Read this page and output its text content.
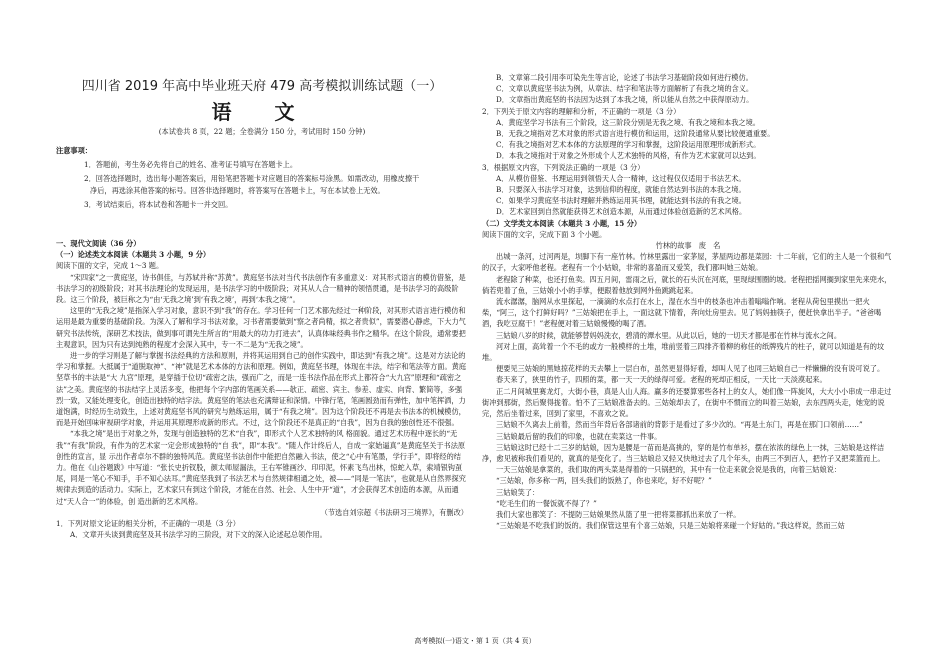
四川省 2019 年高中毕业班天府 479 高考模拟训练试题（一）
语 文
(本试卷共 8 页，22 题；全卷满分 150 分，考试用时 150 分钟)

注意事项：

1．答题前，考生务必先将自己的姓名、准考证号填写在答题卡上。

2．回答选择题时，选出每小题答案后，用铅笔把答题卡对应题目的答案标号涂黑。如需改动，用橡皮擦干

净后，再选涂其他答案的标号。回答非选择题时，将答案写在答题卡上，写在本试卷上无效。

3．考试结束后，将本试卷和答题卡一并交回。

一、现代文阅读（36 分）

（一）论述类文本阅读（本题共 3 小题，9 分）

阅读下面的文字，完成 1～3 题。

“宋四家”之一黄庭坚，诗书俱佳，与苏轼并称“苏黄”。黄庭坚书法对当代书法创作有多重意义：对其形式语言的模仿借鉴，是书法学习的初级阶段；对其书法理论的发现运用，是书法学习的中级阶段；对其从人合一精神的领悟贯通，是书法学习的高级阶段。这三个阶段，被巨称之为“由‘无我之境’到‘有我之境’，再到‘本我之境’”。

这里的“无我之境”是指深入学习对象，意识不到“我”的存在。学习任何一门艺术都先经过一种阶段，对其形式语言进行模仿和运用是最为重要的基础阶段。为深入了解和学习书法对象，习书者需要做到“察之者尚精，拟之者贵似”，需要潜心静虑，下大力气研究书法传统，深研艺术技法，做到事可谓先生所言的“用最大的功力打进去”，认真体味经典书作之精华。在这个阶段，通常要把主观意识，因为只有达到纯熟的程度才会深入其中，专一不二是为“无我之境”。

进一步的学习则是了解与掌握书法经典的方法和原则，并将其运用到自己的创作实践中，即达到“有我之境”。这是对方法论的学习和掌握。大抵属于“道脱取神”、“神”就是艺术本体的方法和原理。例如，黄庭坚书理，体现在丰法，结字和笔法等方面。黄庭坚草书的丰法是“大 九宫”原理，是穿插于位切“疏密之法，强而广之，而是一连书法作品在形式上都符合“大九宫”原理和“疏密之法”之美。黄庭坚的书法结字上灵活多变，他把每个字内部的笔画关系——欹正、疏密、宾主、参差、虚实、向背、繁简等，多强烈一致，又能处理变化，创造出独特的结字法。黄庭坚的笔法也充满辩证和深情。中锋行笔，笔画圆劲而有弹性，加中笔挥洒，力道饱满，时经历生动致生，上述对黄庭坚书风的研究与熟练运用，属于“有我之境”。因为这个阶段还不再是去书法本的机械模仿，而是开始回味审视研学对象，并运用其原理形成新的形式。不过，这个阶段还不是真正的“自我”，因为自我的独创性还不很强。

“本我之境”是出于对象之外，发现与创造独特的艺术“自我”，即形式个人艺术独特的风 格面貌。通过艺术历程中逐长的“无我”“有我”阶段，有作为的艺术家一定会形成独特的“自 我”，即“本我”。“随人作计终后人，自成一家始逼真”是黄庭坚关于书法原创性的宣言，显 示出作者卓尔不群的独特风范。黄庭坚书法创作中能把自然融入书法，使之“心中有笔墨，学行手”，即将经的结力。他在《山谷题跋》中写道：“张长史折钗股，颜太师屋漏法，王右军锥画沙、印印泥，怀素飞鸟出林，惊蛇入草，索靖银钩虿尾，同是一笔心不知手，手不知心法耳。”黄庭坚我到了书法艺术与自然规律相通之处，被——“同是一笔法”，也就是从自然界探究规律去到造的活动力。实际上，艺术家只有到这个阶段，才能在自然、社会、人生中开“道”，才会获得艺术创造的本源，从而通过“天人合一”的体验，创 造出新的艺术风格。

（节选自刘宗超《书法研习三境界》，有删改）

1．下列对原文论证的相关分析，不正确的一项是（3 分）

A．文章开头谈到黄庭坚及其书法学习的三阶段，对下文的深入论述起总领作用。

B．文章第二段引用李可染先生等言论，论述了书法学习基础阶段如何进行模仿。

C．文章以黄庭坚书法为例，从章法、结字和笔法等方面解析了有我之境的含义。

D．文章指出黄庭坚的书法因为达到了本我之境，所以能从自然之中获得原动力。

2．下列关于原文内容的理解和分析，不正确的一项是（3 分）

A．黄庭坚学习书法有三个阶段，这三阶段分别是无我之境、有我之境和本我之境。

B．无我之境指对艺术对象的形式语言进行模仿和运用，这阶段通常从要比较便通重要。

C．有我之境指对艺术本体的方法原理的学习和掌握，这阶段运用原理形成新形式。

D．本我之境指对于对象之外形成个人艺术独特的风格，有作为艺术家就可以达到。

3．根据原文内容，下列说法正确的一项是（3 分）

A．从模仿借鉴、书理运用到领悟天人合一精神，这过程仅仅适用于书法艺术。

B．只要深入书法学习对象，达到信仰的程度，就能自然达到书法的本我之境。

C．如果学习黄庭坚书法时理解并熟练运用其书理，就能达到书法的有我之境。

D．艺术家回到自然就能获得艺术创造本源，从而通过体验创造新的艺术风格。

（二）文学类文本阅读（本题共 3 小题，15 分）

阅读下面的文字，完成下面 3 个小题。

竹林的故事　废　名

出城一条河，过河两是，坝脚下有一座竹林。竹林里露出一家茅屋，茅屋两边都是菜园：十二年前，它们的主人是一个很和气的汉子，大家呼他老程。老程有一个小姑娘，非常的喜盈而又爱笑，我们都叫她三姑娘。

老程除了种菜，也还打鱼卖。四五月间，雷雨之后，就长的石头沉在河底，里现绿围圈的坡。老程把揺网搁到家里先来兜水，倘若兜着了鱼，三姑娘小小的手掌，便跟着他放到网外鱼跳跳起来。

流水潺潺，脑网从水里探起，一滴滴的水点打在水上，湿在水当中的枝条也冲击着嗡嗡作响。老程从荷包里摸出一把火柴，“阿三，这个打鲜好吗？”三姑娘把在手上，一面这就下情着，奔向灶房里去。见了妈妈抽筷子，便赶快拿出半子。“爸爸喝酒，我吃豆腐干！”老程便对着三姑娘慢慢的喝了酒。

三姑娘八岁的时候，就能够替妈妈洗衣，碧清的潭水里。从此以后，她的一切天才都是那在竹林与流水之间。

河对上面，高耸着一个不毛的或方一般模样的土堆，堆前竖着三四排齐着柳的称任的纸牌残片的柱子，就可以知道是有的坟堆。

便要见三姑娘的黑她掠花样的天去攀上一层白布，虽然更显得好看，却叫人见了也同三姑娘自己一样懒懒的没有说可说了。

春天来了，狭里的竹子，四照的菜，都一天一天的绿得可爱。老程的死却正相反，一天比一天淡漠起来。

正二月间城里赛龙灯，大街小巷，真是人山人海。赢多的还要算邪些各村上的女人，她们像一阵旋风，大大小小串成一串走过街冲到那街，然后聚得拢着。怕不了三姑娘准备去的。三姑娘却去了，在街中不惯而立的叫着三姑娘，去东西两头走，她宠的说完，然后坐着过来，回到了家里，不喜欢之说。

三姑娘不久离去上前着，然而当年背后各部诸前的背影于是看过了多少次的。“再是土东门，再是在那门口领前……”

三姑娘最后留的我们的印象，也就在卖菜这一件事。

三姑娘这时已经十二三岁的姑娘，因为是腰是一苗而是高挑的，穿的是竹布单衫，摆在浓浓的绿色上一抹，三姑娘是这样洁净，愈见被称我们看见的，就真的是变化了。当三姑娘总又轻又快地过去了几个年头，由两三不到百人，把竹子又把菜篮而上。

一天三姑娘是拿菜的，我们取的两头菜是得着的一只锅把的，其中有一位走来就会说是我的，向着三姑娘说：

“三姑娘，你多称一两，回头我们的饭熟了，你也来吃，好不好呢？”

三姑娘笑了：

“吃毛生们的一餐饭就不得了？”

我们大家也都笑了：不提防三姑娘果然从篮了里一把将菜都抓出来放了一样。

“三姑娘是不吃我们的饭的。我们保管这里有个喜三姑娘，只是三姑娘将来碰一个好姑的。”我这样说，然而三姑

高考模拟(一)语文・第 1 页（共 4 页）
